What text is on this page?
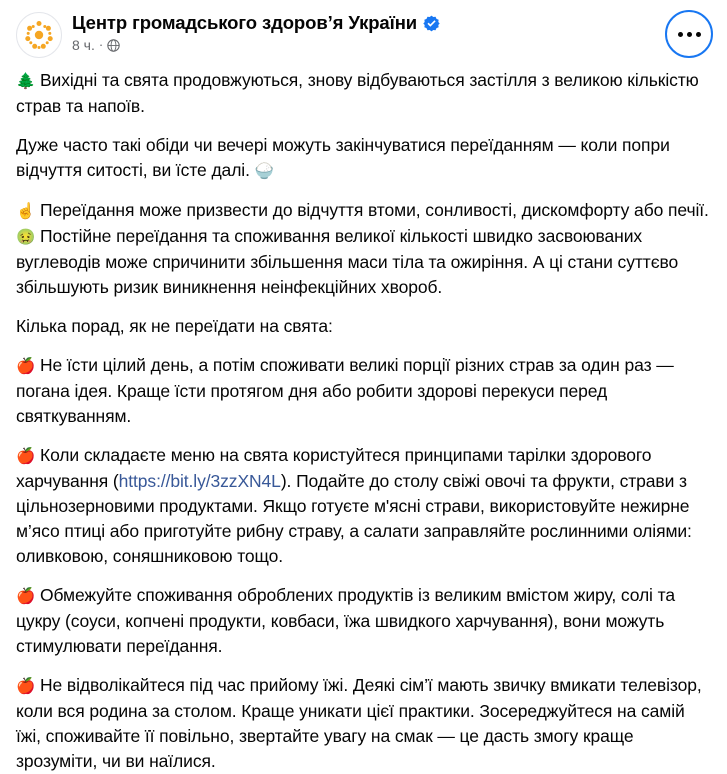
Центр громадського здоров’я України
8 ч. ·

🌲 Вихідні та свята продовжуються, знову відбуваються застілля з великою кількістю страв та напоїв.

Дуже часто такі обіди чи вечері можуть закінчуватися переїданням — коли попри відчуття ситості, ви їсте далі. 🍚

☝️ Переїдання може призвести до відчуття втоми, сонливості, дискомфорту або печії. 🤢 Постійне переїдання та споживання великої кількості швидко засвоюваних вуглеводів може спричинити збільшення маси тіла та ожиріння. А ці стани суттєво збільшують ризик виникнення неінфекційних хвороб.

Кілька порад, як не переїдати на свята:

🍎 Не їсти цілий день, а потім споживати великі порції різних страв за один раз — погана ідея. Краще їсти протягом дня або робити здорові перекуси перед святкуванням.

🍎 Коли складаєте меню на свята користуйтеся принципами тарілки здорового харчування (https://bit.ly/3zzXN4L). Подайте до столу свіжі овочі та фрукти, страви з цільнозерновими продуктами. Якщо готуєте м'ясні страви, використовуйте нежирне м’ясо птиці або приготуйте рибну страву, а салати заправляйте рослинними оліями: оливковою, соняшниковою тощо.

🍎 Обмежуйте споживання оброблених продуктів із великим вмістом жиру, солі та цукру (соуси, копчені продукти, ковбаси, їжа швидкого харчування), вони можуть стимулювати переїдання.

🍎 Не відволікайтеся під час прийому їжі. Деякі сім’ї мають звичку вмикати телевізор, коли вся родина за столом. Краще уникати цієї практики. Зосереджуйтеся на самій їжі, споживайте її повільно, звертайте увагу на смак — це дасть змогу краще зрозуміти, чи ви наїлися.
